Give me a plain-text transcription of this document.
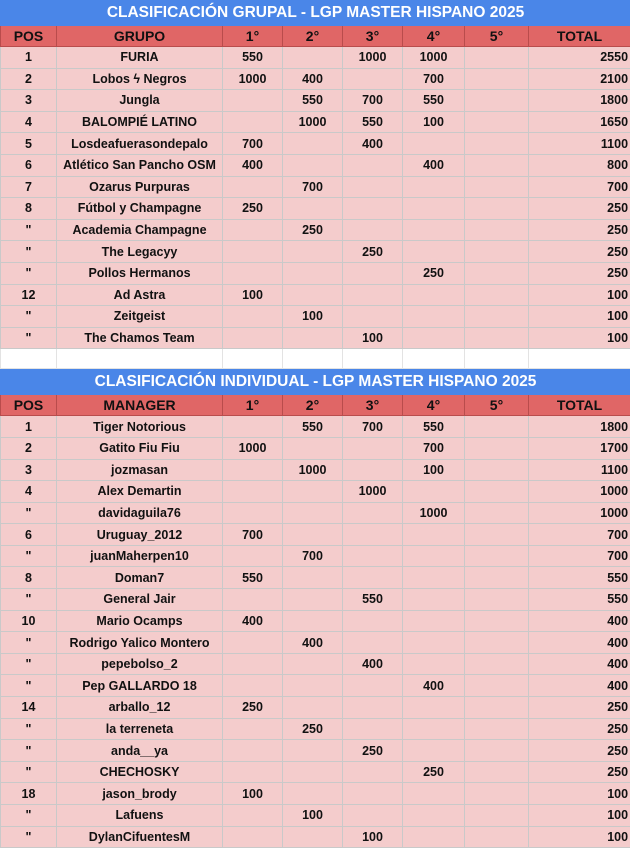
CLASIFICACIÓN GRUPAL - LGP MASTER HISPANO 2025							
POS	GRUPO	1°	2°	3°	4°	5°	TOTAL
1	FURIA	550		1000	1000		2550
2	Lobos ϟ Negros	1000	400		700		2100
3	Jungla		550	700	550		1800
4	BALOMPIÉ LATINO		1000	550	100		1650
5	Losdeafuerasondepalo	700		400			1100
6	Atlético San Pancho OSM	400			400		800
7	Ozarus Purpuras		700				700
8	Fútbol y Champagne	250					250
"	Academia Champagne		250				250
"	The Legacyy			250			250
"	Pollos Hermanos				250		250
12	Ad Astra	100					100
"	Zeitgeist		100				100
"	The Chamos Team			100			100

CLASIFICACIÓN INDIVIDUAL - LGP MASTER HISPANO 2025							
POS	MANAGER	1°	2°	3°	4°	5°	TOTAL
1	Tiger Notorious		550	700	550		1800
2	Gatito Fiu Fiu	1000			700		1700
3	jozmasan		1000		100		1100
4	Alex Demartin			1000			1000
"	davidaguila76				1000		1000
6	Uruguay_2012	700					700
"	juanMaherpen10		700				700
8	Doman7	550					550
"	General Jair			550			550
10	Mario Ocamps	400					400
"	Rodrigo Yalico Montero		400				400
"	pepebolso_2			400			400
"	Pep GALLARDO 18				400		400
14	arballo_12	250					250
"	la terreneta		250				250
"	anda__ya			250			250
"	CHECHOSKY				250		250
18	jason_brody	100					100
"	Lafuens		100				100
"	DylanCifuentesM			100			100
